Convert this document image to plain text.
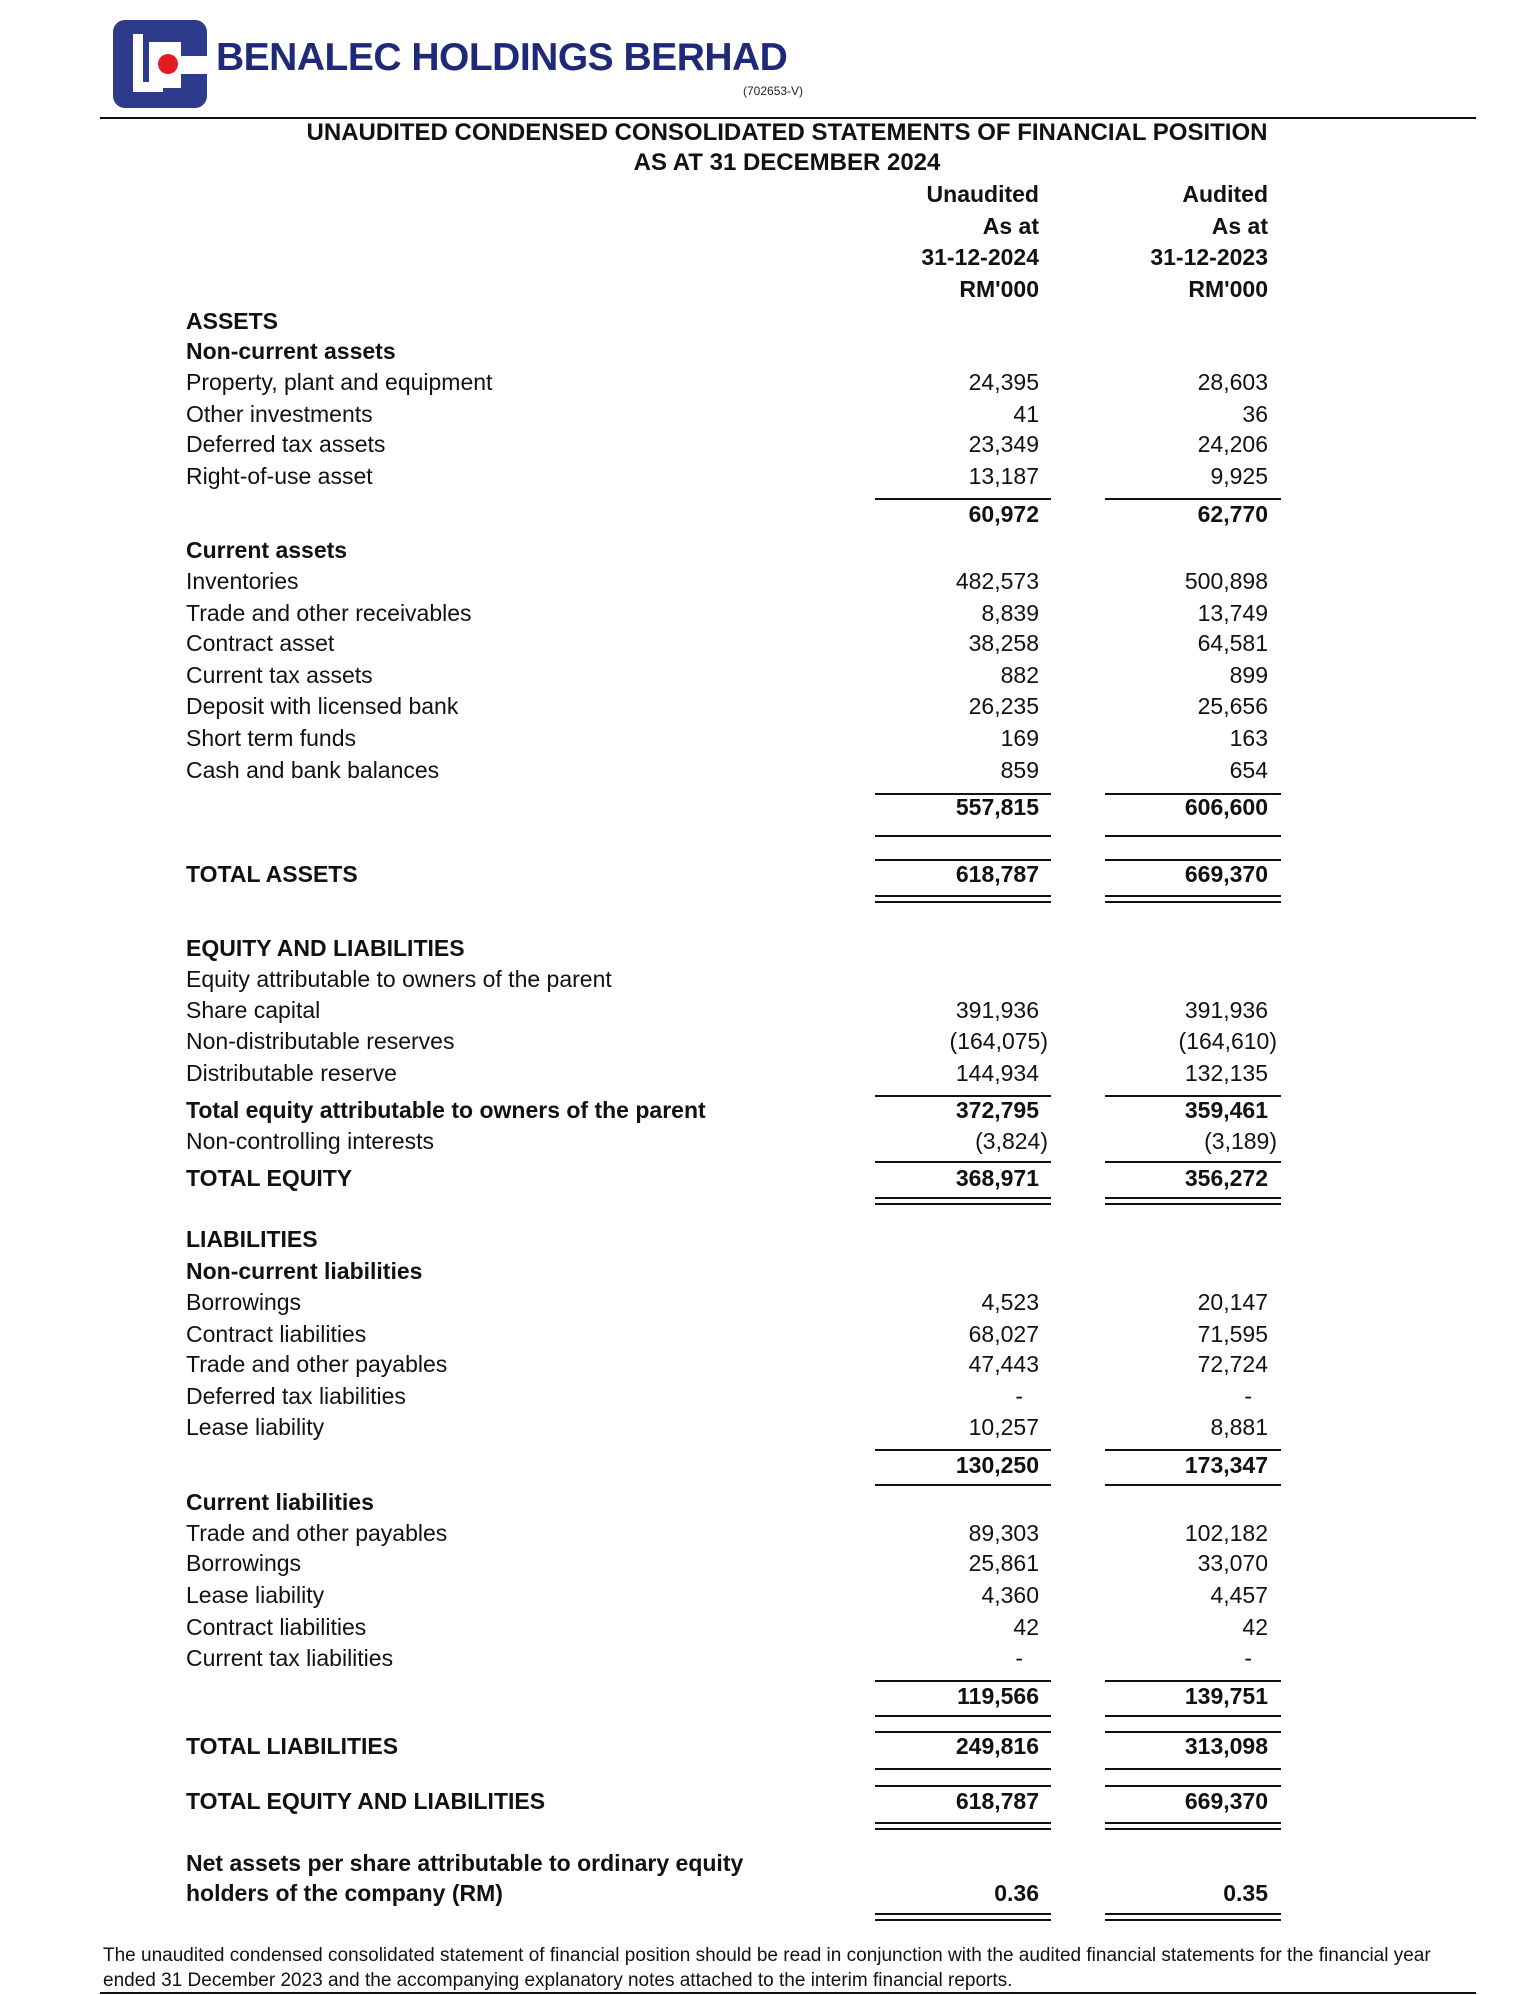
BENALEC HOLDINGS BERHAD
(702653-V)
UNAUDITED CONDENSED CONSOLIDATED STATEMENTS OF FINANCIAL POSITION
AS AT 31 DECEMBER 2024
Unaudited
As at
31-12-2024
RM'000
Audited
As at
31-12-2023
RM'000
ASSETS
Non-current assets
Property, plant and equipment	24,395	28,603
Other investments	41	36
Deferred tax assets	23,349	24,206
Right-of-use asset	13,187	9,925
60,972	62,770
Current assets
Inventories	482,573	500,898
Trade and other receivables	8,839	13,749
Contract asset	38,258	64,581
Current tax assets	882	899
Deposit with licensed bank	26,235	25,656
Short term funds	169	163
Cash and bank balances	859	654
557,815	606,600
TOTAL ASSETS	618,787	669,370
EQUITY AND LIABILITIES
Equity attributable to owners of the parent
Share capital	391,936	391,936
Non-distributable reserves	(164,075)	(164,610)
Distributable reserve	144,934	132,135
Total equity attributable to owners of the parent	372,795	359,461
Non-controlling interests	(3,824)	(3,189)
TOTAL EQUITY	368,971	356,272
LIABILITIES
Non-current liabilities
Borrowings	4,523	20,147
Contract liabilities	68,027	71,595
Trade and other payables	47,443	72,724
Deferred tax liabilities	-	-
Lease liability	10,257	8,881
130,250	173,347
Current liabilities
Trade and other payables	89,303	102,182
Borrowings	25,861	33,070
Lease liability	4,360	4,457
Contract liabilities	42	42
Current tax liabilities	-	-
119,566	139,751
TOTAL LIABILITIES	249,816	313,098
TOTAL EQUITY AND LIABILITIES	618,787	669,370
Net assets per share attributable to ordinary equity
holders of the company (RM)	0.36	0.35
The unaudited condensed consolidated statement of financial position should be read in conjunction with the audited financial statements for the financial year ended 31 December 2023 and the accompanying explanatory notes attached to the interim financial reports.
